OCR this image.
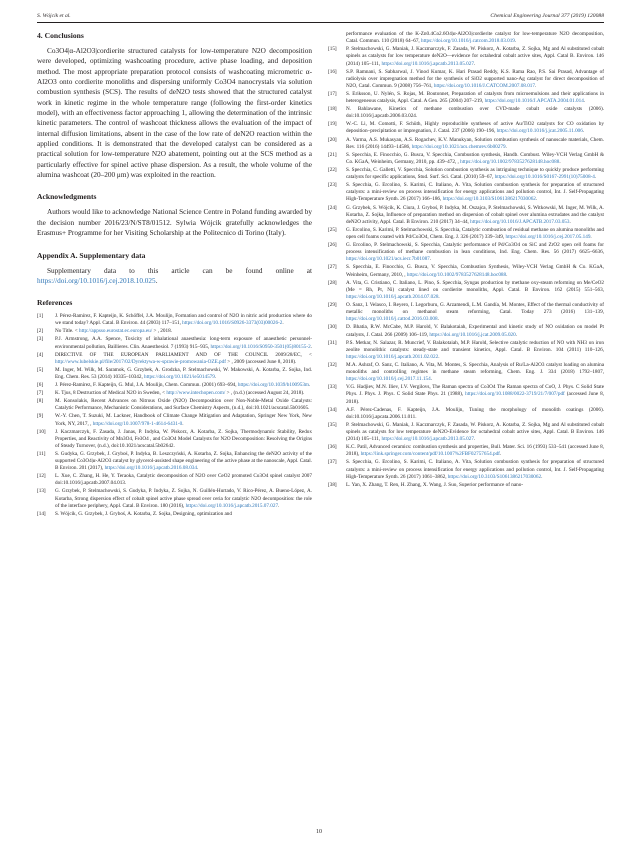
S. Wójcik et al.	Chemical Engineering Journal 377 (2019) 120088
4. Conclusions

Co3O4|α-Al2O3|cordierite structured catalysts for low-temperature N2O decomposition were developed, optimizing washcoating procedure, active phase loading, and deposition method. The most appropriate preparation protocol consists of washcoating micrometric α-Al2O3 onto cordierite monoliths and dispersing uniformly Co3O4 nanocrystals via solution combustion synthesis (SCS). The results of deN2O tests showed that the structured catalyst work in kinetic regime in the whole temperature range (following the first-order kinetics model), with an effectiveness factor approaching 1, allowing the determination of the intrinsic kinetic parameters. The control of washcoat thickness allows the evaluation of the impact of internal diffusion limitations, absent in the case of the low rate of deN2O reaction within the applied conditions. It is demonstrated that the developed catalyst can be considered as a practical solution for low-temperature N2O abatement, pointing out at the SCS method as a particularly effective for spinel active phase dispersion. As a result, the whole volume of the alumina washcoat (20–200 μm) was exploited in the reaction.

Acknowledgments

Authors would like to acknowledge National Science Centre in Poland funding awarded by the decision number 2016/23/N/ST8/01512. Sylwia Wójcik gratefully acknowledges the Erasmus+ Programme for her Visiting Scholarship at the Politecnico di Torino (Italy).

Appendix A. Supplementary data

Supplementary data to this article can be found online at https://doi.org/10.1016/j.cej.2018.10.025.

References
[1] J. Pérez-Ramírez, F. Kapteijn, K. Schöffel, J.A. Moulijn, Formation and control of N2O in nitric acid production where do we stand today? Appl. Catal. B Environ. 44 (2003) 117–151, https://doi.org/10.1016/S0926-3373(03)00026-2.
[2] No Title. < http://appsso.eurostat.ec.europa.eu/ > , 2018.
[3] P.J. Armstrong, A.A. Spence, Toxicity of inhalational anaesthesia: long-term exposure of anaesthetic personnel-environmental pollution, Baillieres. Clin. Anaesthesiol. 7 (1993) 915–935, https://doi.org/10.1016/S0950-3501(05)80155-2.
[4] DIRECTIVE OF THE EUROPEAN PARLIAMENT AND OF THE COUNCIL 2009/28/EC, < http://www.lubelskie.pl/file/2017/02/Dyrektywa-w-sprawie-promowania-OZE.pdf > , 2009 (accessed June 8, 2018).
[5] M. Inger, M. Wilk, M. Saramok, G. Grzybek, A. Grodzka, P. Stelmachowski, W. Makowski, A. Kotarba, Z. Sojka, Ind. Eng. Chem. Res. 53 (2014) 10335–10342, https://doi.org/10.1021/ie5014579.
[6] J. Pérez-Ramírez, F. Kapteijn, G. Mul, J.A. Moulijn, Chem. Commun. (2001) 693–694, https://doi.org/10.1039/b100953m.
[7] K. Tjus, 8 Destruction of Medical N2O in Sweden, < http://www.intechopen.com/ > , (n.d.) (accessed August 24, 2018).
[8] M. Konsolakis, Recent Advances on Nitrous Oxide (N2O) Decomposition over Non-Noble-Metal Oxide Catalysts: Catalytic Performance, Mechanistic Considerations, and Surface Chemistry Aspects, (n.d.), doi:10.1021/acscatal.5b01605.
[9] W.-Y. Chen, T. Suzuki, M. Lackner, Handbook of Climate Change Mitigation and Adaptation, Springer New York, New York, NY, 2017, , https://doi.org/10.1007/978-1-4614-6431-0.
[10] J. Kaczmarczyk, F. Zasada, J. Janas, P. Indyka, W. Piskorz, A. Kotarba, Z. Sojka, Thermodynamic Stability, Redox Properties, and Reactivity of Mn3O4, Fe3O4 , and Co3O4 Model Catalysts for N2O Decomposition: Resolving the Origins of Steady Turnover, (n.d.), doi:10.1021/acscatal.5b02642.
[11] S. Gudyka, G. Grzybek, J. Gryboś, P. Indyka, B. Leszczyński, A. Kotarba, Z. Sojka, Enhancing the deN2O activity of the supported Co3O4|α-Al2O3 catalyst by glycerol-assisted shape engineering of the active phase at the nanoscale, Appl. Catal. B Environ. 201 (2017), https://doi.org/10.1016/j.apcatb.2016.08.034.
[12] L. Xue, C. Zhang, H. He, Y. Teraoka, Catalytic decomposition of N2O over CeO2 promoted Co3O4 spinel catalyst 2007 doi:10.1016/j.apcatb.2007.04.013.
[13] G. Grzybek, P. Stelmachowski, S. Gudyka, P. Indyka, Z. Sojka, N. Guillén-Hurtado, V. Rico-Pérez, A. Bueno-López, A. Kotarba, Strong dispersion effect of cobalt spinel active phase spread over ceria for catalytic N2O decomposition: the role of the interface periphery, Appl. Catal. B Environ. 180 (2016), https://doi.org/10.1016/j.apcatb.2015.07.027.
[14] S. Wójcik, G. Grzybek, J. Gryboś, A. Kotarba, Z. Sojka, Designing, optimization and
performance evaluation of the K-Zn0.4Co2.6O4|α-Al2O3|cordierite catalyst for low-temperature N2O decomposition, Catal. Commun. 110 (2018) 64–67, https://doi.org/10.1016/j.catcom.2018.03.019.
[15] P. Stelmachowski, G. Maniak, J. Kaczmarczyk, F. Zasada, W. Piskorz, A. Kotarba, Z. Sojka, Mg and Al substituted cobalt spinels as catalysts for low temperature deN2O—evidence for octahedral cobalt active sites, Appl. Catal B. Environ. 146 (2014) 105–111, https://doi.org/10.1016/j.apcatb.2013.05.027.
[16] S.P. Ramnani, S. Sabharwal, J. Vinod Kumar, K. Hari Prasad Reddy, K.S. Rama Rao, P.S. Sai Prasad, Advantage of radiolysis over impregnation method for the synthesis of SiO2 supported nano-Ag catalyst for direct decomposition of N2O, Catal. Commun. 9 (2008) 756–761, https://doi.org/10.1016/J.CATCOM.2007.08.017.
[17] S. Eriksson, U. Nylén, S. Rojas, M. Boutonnet, Preparation of catalysts from microemulsions and their applications in heterogeneous catalysis, Appl. Catal. A Gen. 265 (2004) 207–219, https://doi.org/10.1016/J.APCATA.2004.01.014.
[18] N. Bahlawane, Kinetics of methane combustion over CVD-made cobalt oxide catalysts (2006). doi:10.1016/j.apcatb.2006.03.024.
[19] W.-C. Li, M. Comotti, F. Schüth, Highly reproducible syntheses of active Au/TiO2 catalysts for CO oxidation by deposition–precipitation or impregnation, J. Catal. 237 (2006) 190–196, https://doi.org/10.1016/j.jcat.2005.11.006.
[20] A. Varma, A.S. Mukasyan, A.S. Rogachev, K.V. Manukyan, Solution combustion synthesis of nanoscale materials, Chem. Rev. 116 (2016) 14493–14586, https://doi.org/10.1021/acs.chemrev.6b00279.
[21] S. Specchia, E. Finocchio, G. Busca, V. Specchia, Combustion synthesis, Handb. Combust. Wiley-VCH Verlag GmbH & Co. KGaA, Weinheim, Germany, 2010, pp. 439–472, , https://doi.org/10.1002/9783527628148.hoc088.
[22] S. Specchia, C. Galletti, V. Specchia, Solution combustion synthesis as intriguing technique to quickly produce performing catalysts for specific applications, Stud. Surf. Sci. Catal. (2010) 59–67, https://doi.org/10.1016/S0167-2991(10)75008-4.
[23] S. Specchia, G. Ercolino, S. Karimi, C. Italiano, A. Vita, Solution combustion synthesis for preparation of structured catalysts: a mini-review on process intensification for energy applications and pollution control, Int. J. Self-Propagating High-Temperature Synth. 26 (2017) 166–186, https://doi.org/10.3103/S1061386217030062.
[24] G. Grzybek, S. Wójcik, K. Ciura, J. Gryboś, P. Indyka, M. Oszajca, P. Stelmachowski, S. Witkowski, M. Inger, M. Wilk, A. Kotarba, Z. Sojka, Influence of preparation method on dispersion of cobalt spinel over alumina extrudates and the catalyst deN2O activity, Appl. Catal. B Environ. 210 (2017) 34–44, https://doi.org/10.1016/J.APCATB.2017.03.053.
[25] G. Ercolino, S. Karimi, P. Stelmachowski, S. Specchia, Catalytic combustion of residual methane on alumina monoliths and open cell foams coated with Pd/Co3O4, Chem. Eng. J. 326 (2017) 339–349, https://doi.org/10.1016/j.cej.2017.05.149.
[26] G. Ercolino, P. Stelmachowski, S. Specchia, Catalytic performance of Pd/Co3O4 on SiC and ZrO2 open cell foams for process intensification of methane combustion in lean conditions, Ind. Eng. Chem. Res. 56 (2017) 6625–6636, https://doi.org/10.1021/acs.iecr.7b01087.
[27] S. Specchia, E. Finocchio, G. Busca, V. Specchia, Combustion Synthesis, Wiley-VCH Verlag GmbH & Co. KGaA, Weinheim, Germany, 2010, , https://doi.org/10.1002/9783527628148.hoc088.
[28] A. Vita, G. Cristiano, C. Italiano, L. Pino, S. Specchia, Syngas production by methane oxy-steam reforming on Me/CeO2 (Me = Rh, Pt, Ni) catalyst lined on cordierite monoliths, Appl. Catal. B Environ. 162 (2015) 551–563, https://doi.org/10.1016/j.apcatb.2014.07.028.
[29] O. Sanz, I. Velasco, I. Reyero, I. Legorburu, G. Arzamendi, L.M. Gandía, M. Montes, Effect of the thermal conductivity of metallic monoliths on methanol steam reforming, Catal. Today 273 (2016) 131–139, https://doi.org/10.1016/j.cattod.2016.03.008.
[30] D. Bhatia, R.W. McCabe, M.P. Harold, V. Balakotaiah, Experimental and kinetic study of NO oxidation on model Pt catalysts, J. Catal. 266 (2009) 106–119, https://doi.org/10.1016/j.jcat.2009.05.020.
[31] P.S. Metkar, N. Salazar, R. Muncrief, V. Balakotaiah, M.P. Harold, Selective catalytic reduction of NO with NH3 on iron zeolite monolithic catalysts: steady-state and transient kinetics, Appl. Catal. B Environ. 104 (2011) 110–126, https://doi.org/10.1016/j.apcatb.2011.02.022.
[32] M.A. Ashraf, O. Sanz, C. Italiano, A. Vita, M. Montes, S. Specchia, Analysis of Ru/La-Al2O3 catalyst loading on alumina monoliths and controlling regimes in methane steam reforming, Chem. Eng. J. 334 (2018) 1792–1807, https://doi.org/10.1016/j.cej.2017.11.154.
[33] V.G. Hadjiev, M.N. Iliev, I.V. Vergilovs, The Raman spectra of Co3O4 The Raman spectra of CoO, J. Phys. C Solid State Phys. J. Phys. J. Phys. C Solid State Phys. 21 (1988), https://doi.org/10.1088/0022-3719/21/7/007/pdf (accessed June 8, 2018).
[34] A.F. Pérez-Cadenas, F. Kapteijn, J.A. Moulijn, Tuning the morphology of monolith coatings (2006). doi:10.1016/j.apcata.2006.11.011.
[35] P. Stelmachowski, G. Maniak, J. Kaczmarczyk, F. Zasada, W. Piskorz, A. Kotarba, Z. Sojka, Mg and Al substituted cobalt spinels as catalysts for low temperature deN2O-Evidence for octahedral cobalt active sites, Appl. Catal. B Environ. 146 (2014) 105–111, https://doi.org/10.1016/j.apcatb.2013.05.027.
[36] K.C. Patil, Advanced ceramics: combustion synthesis and properties, Bull. Mater. Sci. 16 (1993) 533–541 (accessed June 8, 2018), https://link.springer.com/content/pdf/10.1007%2FBF02757654.pdf.
[37] S. Specchia, G. Ercolino, S. Karimi, C. Italiano, A. Vita, Solution combustion synthesis for preparation of structured catalysts: a mini-review on process intensification for energy applications and pollution control, Int. J. Self-Propagating High-Temperature Synth. 26 (2017) 1061–3862, https://doi.org/10.3103/S1061386217030062.
[38] L. Yan, X. Zhang, T. Ren, H. Zhang, X. Wang, J. Suo, Superior performance of nano-
10
